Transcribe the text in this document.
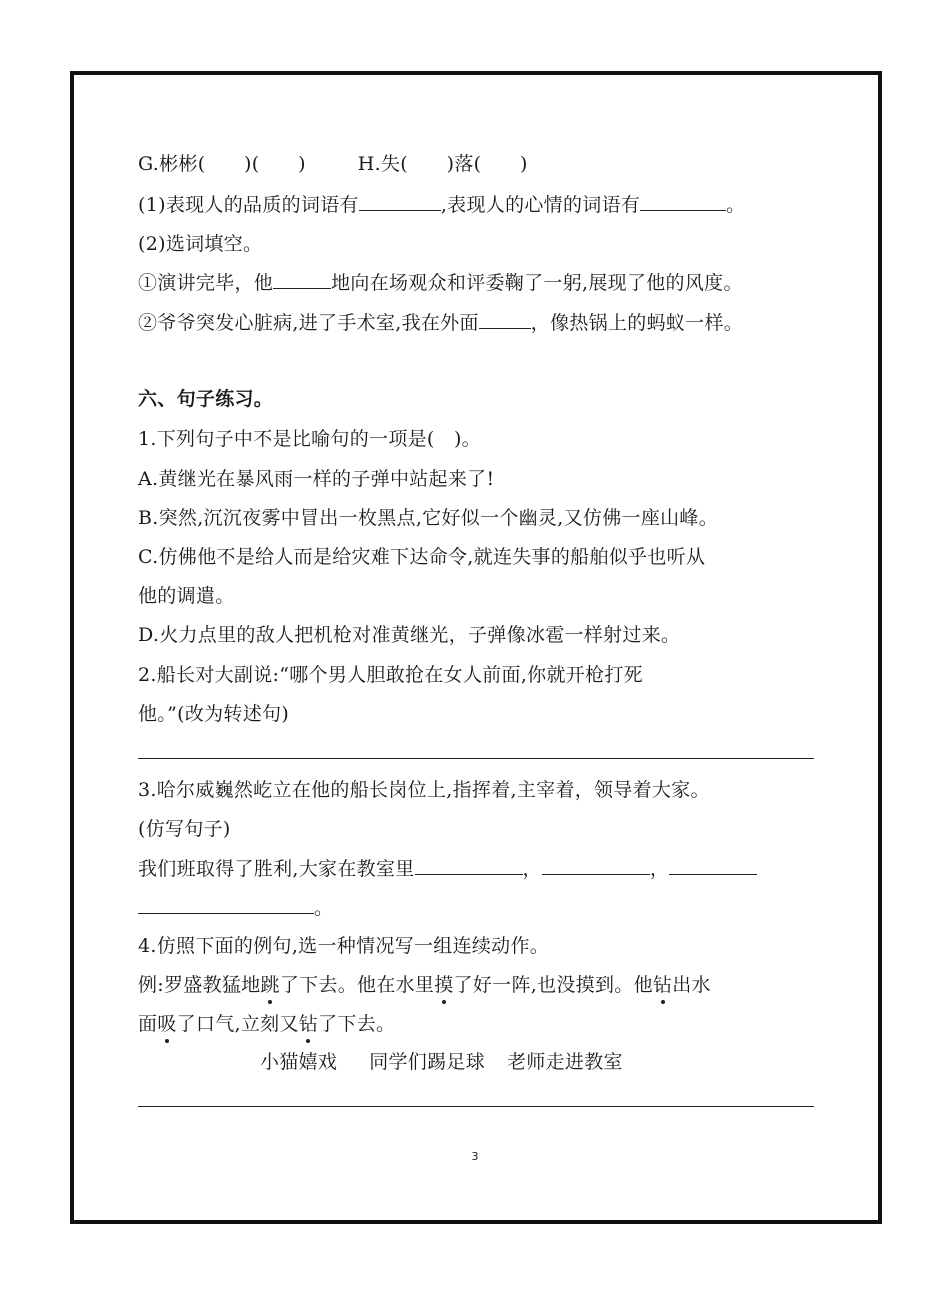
G.彬彬(　　)(　　)	H.失(　　)落(　　)
(1)表现人的品质的词语有	,表现人的心情的词语有	。
(2)选词填空。
①演讲完毕，他	地向在场观众和评委鞠了一躬,展现了他的风度。
②爷爷突发心脏病,进了手术室,我在外面	，像热锅上的蚂蚁一样。
六、句子练习。
1.下列句子中不是比喻句的一项是(　)。
A.黄继光在暴风雨一样的子弹中站起来了!
B.突然,沉沉夜雾中冒出一枚黑点,它好似一个幽灵,又仿佛一座山峰。
C.仿佛他不是给人而是给灾难下达命令,就连失事的船舶似乎也听从
他的调遣。
D.火力点里的敌人把机枪对准黄继光，子弹像冰雹一样射过来。
2.船长对大副说:“哪个男人胆敢抢在女人前面,你就开枪打死
他。”(改为转述句)
3.哈尔威巍然屹立在他的船长岗位上,指挥着,主宰着，领导着大家。
(仿写句子)
我们班取得了胜利,大家在教室里	，	，
。
4.仿照下面的例句,选一种情况写一组连续动作。
例:罗盛教猛地跳了下去。他在水里摸了好一阵,也没摸到。他钻出水
面吸了口气,立刻又钻了下去。
小猫嬉戏 同学们踢足球 老师走进教室
3
